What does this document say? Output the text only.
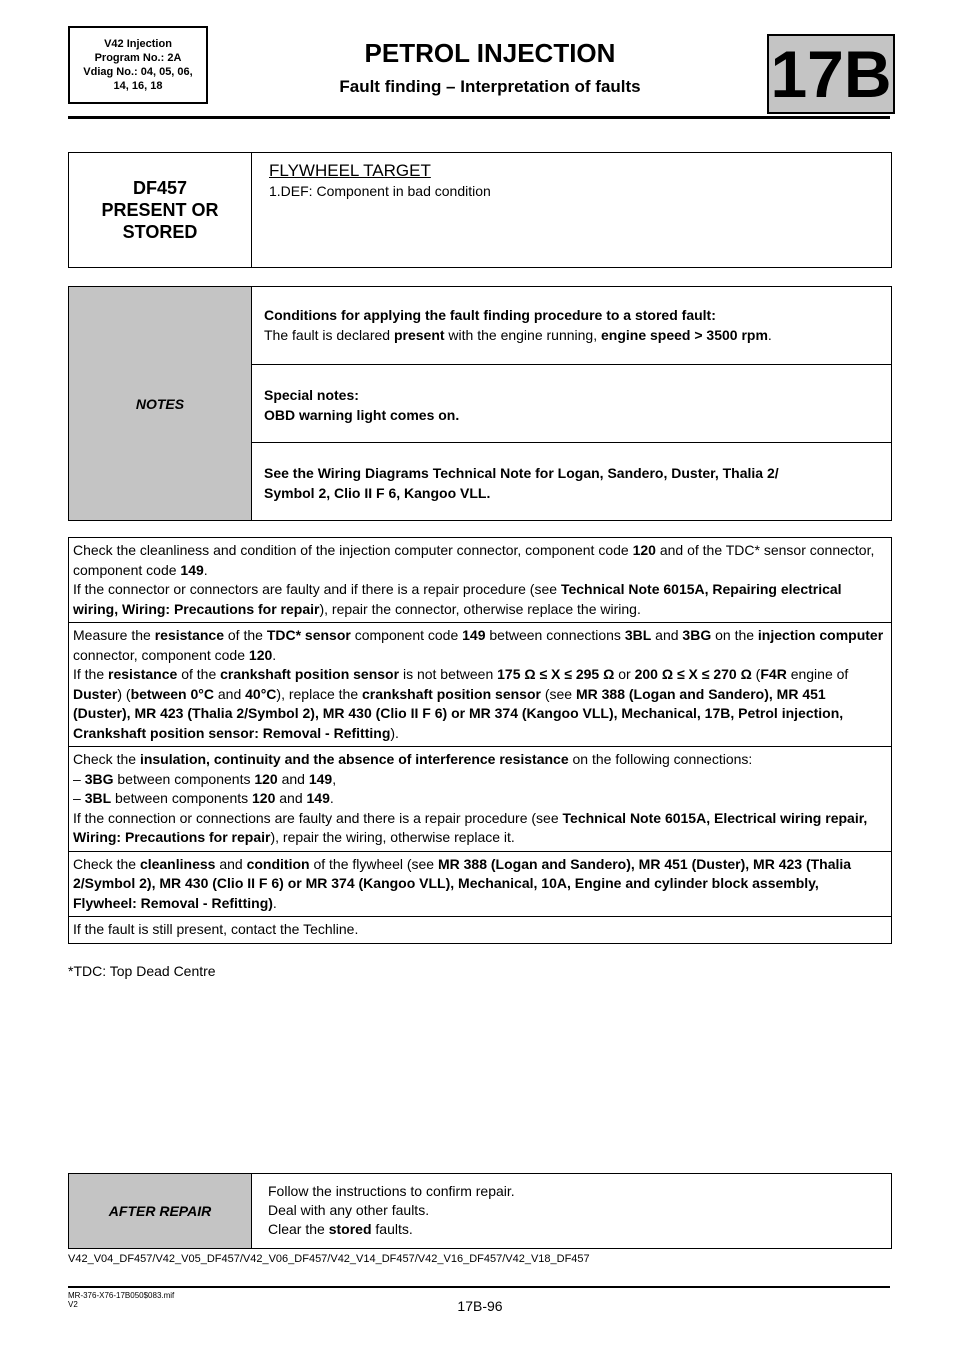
V42 Injection
Program No.: 2A
Vdiag No.: 04, 05, 06,
14, 16, 18
PETROL INJECTION
Fault finding – Interpretation of faults	17B
DF457
PRESENT OR
STORED
FLYWHEEL TARGET
1.DEF: Component in bad condition
NOTES
Conditions for applying the fault finding procedure to a stored fault:
The fault is declared present with the engine running, engine speed > 3500 rpm.
Special notes:
OBD warning light comes on.
See the Wiring Diagrams Technical Note for Logan, Sandero, Duster, Thalia 2/
Symbol 2, Clio II F 6, Kangoo VLL.
Check the cleanliness and condition of the injection computer connector, component code 120 and of the TDC* sensor connector, component code 149.
If the connector or connectors are faulty and if there is a repair procedure (see Technical Note 6015A, Repairing electrical wiring, Wiring: Precautions for repair), repair the connector, otherwise replace the wiring.
Measure the resistance of the TDC* sensor component code 149 between connections 3BL and 3BG on the injection computer connector, component code 120.
If the resistance of the crankshaft position sensor is not between 175 Ω ≤ X ≤ 295 Ω or 200 Ω ≤ X ≤ 270 Ω (F4R engine of Duster) (between 0°C and 40°C), replace the crankshaft position sensor (see MR 388 (Logan and Sandero), MR 451 (Duster), MR 423 (Thalia 2/Symbol 2), MR 430 (Clio II F 6) or MR 374 (Kangoo VLL), Mechanical, 17B, Petrol injection, Crankshaft position sensor: Removal - Refitting).
Check the insulation, continuity and the absence of interference resistance on the following connections:
– 3BG between components 120 and 149,
– 3BL between components 120 and 149.
If the connection or connections are faulty and there is a repair procedure (see Technical Note 6015A, Electrical wiring repair, Wiring: Precautions for repair), repair the wiring, otherwise replace it.
Check the cleanliness and condition of the flywheel (see MR 388 (Logan and Sandero), MR 451 (Duster), MR 423 (Thalia 2/Symbol 2), MR 430 (Clio II F 6) or MR 374 (Kangoo VLL), Mechanical, 10A, Engine and cylinder block assembly, Flywheel: Removal - Refitting).
If the fault is still present, contact the Techline.
*TDC: Top Dead Centre
AFTER REPAIR
Follow the instructions to confirm repair.
Deal with any other faults.
Clear the stored faults.
V42_V04_DF457/V42_V05_DF457/V42_V06_DF457/V42_V14_DF457/V42_V16_DF457/V42_V18_DF457
MR-376-X76-17B050$083.mif
V2	17B-96
